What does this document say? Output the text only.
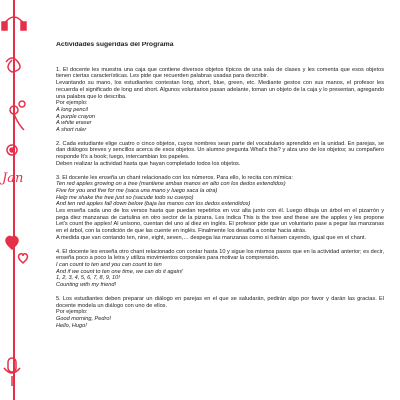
Jan
Actividades sugeridas del Programa

1. El docente les muestra una caja que contiene diversos objetos típicos de una sala de clases y les comenta que esos objetos tienen ciertas características. Les pide que recuerden palabras usadas para describir.

Levantando su mano, los estudiantes contestan long, short, blue, green, etc. Mediante gestos con sus manos, el profesor les recuerda el significado de long and short. Algunos voluntarios pasan adelante, toman un objeto de la caja y lo presentan, agregando una palabra que lo describa.

Por ejemplo:

A long pencil
A purple crayon
A white eraser
A short ruler

2. Cada estudiante elige cuatro o cinco objetos, cuyos nombres sean parte del vocabulario aprendido en la unidad. En parejas, se dan diálogos breves y sencillos acerca de esos objetos. Un alumno pregunta What's this? y alza uno de los objetos; su compañero responde It's a book; luego, intercambian los papeles.

Deben realizar la actividad hasta que hayan completado todos los objetos.

3. El docente les enseña un chant relacionado con los números. Para ello, lo recita con mímica:

Ten red apples growing on a tree (mantiene ambas manos en alto con los dedos extendidos)
Five for you and five for me (saca una mano y luego saca la otra)
Help me shake the tree just so (sacude todo su cuerpo)
And ten red apples fall down below (baja las manos con los dedos extendidos)

Les enseña cada uno de los versos hasta que puedan repetirlos en voz alta junto con él. Luego dibuja un árbol en el pizarrón y pega diez manzanas de cartulina en otro sector de la pizarra. Les indica This is the tree and these are the apples y les propone Let's count the apples! Al unísono, cuentan del uno al diez en inglés. El profesor pide que un voluntario pase a pegar las manzanas en el árbol, con la condición de que las cuente en inglés. Finalmente los desafía a contar hacia atrás.

A medida que van contando ten, nine, eight, seven,… despega las manzanas como si fuesen cayendo, igual que en el chant.

4. El docente les enseña otro chant relacionado con contar hasta 10 y sigue los mismos pasos que en la actividad anterior; es decir, enseña poco a poco la letra y utiliza movimientos corporales para motivar la comprensión.

I can count to ten and you can count to ten
And if we count to ten one time, we can do it again!
1, 2, 3, 4, 5, 6, 7, 8, 9, 10!
Counting with my friend!

5. Los estudiantes deben preparar un diálogo en parejas en el que se saludarán, pedirán algo por favor y darán las gracias. El docente modela un diálogo con uno de ellos.

Por ejemplo:

Good morning, Pedro!
Hello, Hugo!
